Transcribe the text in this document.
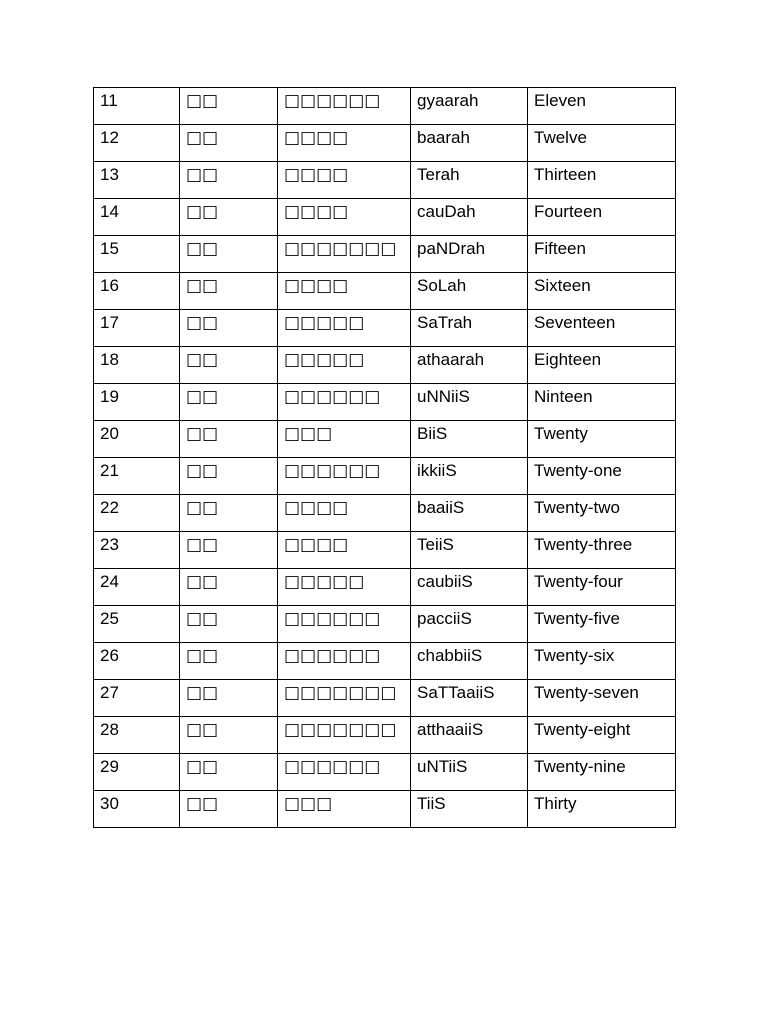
11	□□	□□□□□□	gyaarah	Eleven
12	□□	□□□□	baarah	Twelve
13	□□	□□□□	Terah	Thirteen
14	□□	□□□□	cauDah	Fourteen
15	□□	□□□□□□□	paNDrah	Fifteen
16	□□	□□□□	SoLah	Sixteen
17	□□	□□□□□	SaTrah	Seventeen
18	□□	□□□□□	athaarah	Eighteen
19	□□	□□□□□□	uNNiiS	Ninteen
20	□□	□□□	BiiS	Twenty
21	□□	□□□□□□	ikkiiS	Twenty-one
22	□□	□□□□	baaiiS	Twenty-two
23	□□	□□□□	TeiiS	Twenty-three
24	□□	□□□□□	caubiiS	Twenty-four
25	□□	□□□□□□	pacciiS	Twenty-five
26	□□	□□□□□□	chabbiiS	Twenty-six
27	□□	□□□□□□□	SaTTaaiiS	Twenty-seven
28	□□	□□□□□□□	atthaaiiS	Twenty-eight
29	□□	□□□□□□	uNTiiS	Twenty-nine
30	□□	□□□	TiiS	Thirty
